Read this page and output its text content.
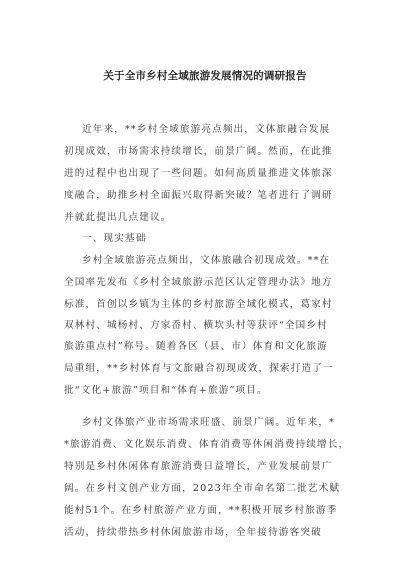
关于全市乡村全域旅游发展情况的调研报告
近年来，**乡村全域旅游亮点频出，文体旅融合发展
初现成效，市场需求持续增长，前景广阔。然而，在此推
进的过程中也出现了一些问题。如何高质量推进文体旅深
度融合，助推乡村全面振兴取得新突破？笔者进行了调研
并就此提出几点建议。
一、现实基础
乡村全域旅游亮点频出，文体旅融合初现成效。**在
全国率先发布《乡村全域旅游示范区认定管理办法》地方
标准，首创以乡镇为主体的乡村旅游全域化模式，葛家村
双林村、城杨村、方家岙村、横坎头村等获评“全国乡村
旅游重点村”称号。随着各区（县、市）体育和文化旅游
局重组，**乡村体育与文旅融合初现成效，探索打造了一
批“文化+旅游”项目和“体育+旅游”项目。
乡村文体旅产业市场需求旺盛、前景广阔。近年来，*
*旅游消费、文化娱乐消费、体育消费等休闲消费持续增长，
特别是乡村休闲体育旅游消费日益增长，产业发展前景广
阔。在乡村文创产业方面，2023年全市命名第二批艺术赋
能村51个。在乡村旅游产业方面，**积极开展乡村旅游季
活动，持续带热乡村休闲旅游市场，全年接待游客突破
